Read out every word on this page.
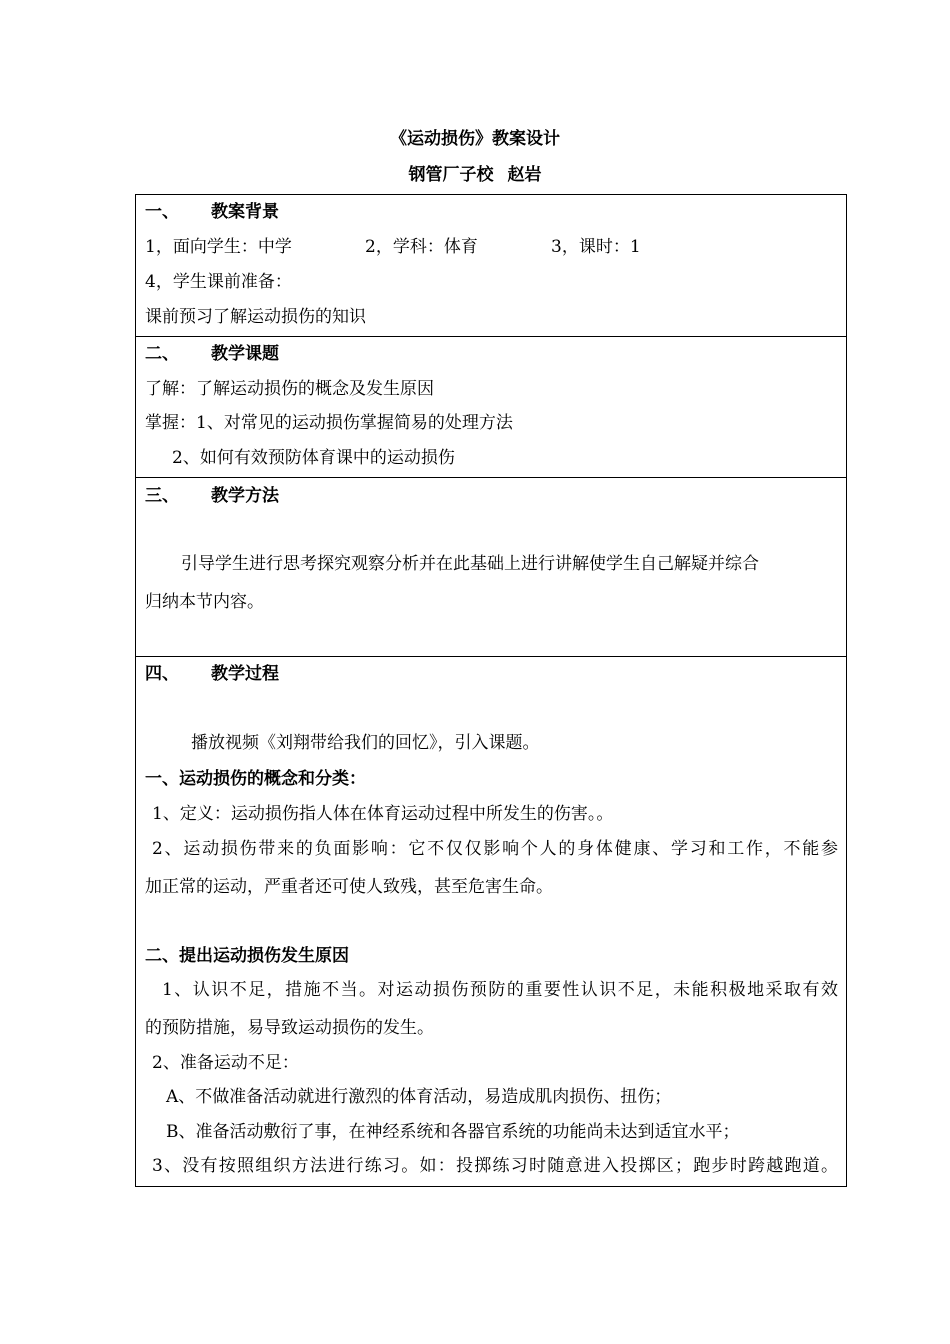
《运动损伤》教案设计
钢管厂子校 赵岩
一、 教案背景
1，面向学生：中学	2，学科：体育	3，课时：1
4，学生课前准备：
课前预习了解运动损伤的知识
二、 教学课题
了解：了解运动损伤的概念及发生原因
掌握：1、对常见的运动损伤掌握简易的处理方法
2、如何有效预防体育课中的运动损伤
三、 教学方法
引导学生进行思考探究观察分析并在此基础上进行讲解使学生自己解疑并综合
归纳本节内容。
四、 教学过程
播放视频《刘翔带给我们的回忆》，引入课题。
一、运动损伤的概念和分类：
1、定义：运动损伤指人体在体育运动过程中所发生的伤害。。
2、运动损伤带来的负面影响：它不仅仅影响个人的身体健康、学习和工作，不能参
加正常的运动，严重者还可使人致残，甚至危害生命。
二、提出运动损伤发生原因
1、认识不足，措施不当。对运动损伤预防的重要性认识不足，未能积极地采取有效
的预防措施，易导致运动损伤的发生。
2、准备运动不足：
A、不做准备活动就进行激烈的体育活动，易造成肌肉损伤、扭伤；
B、准备活动敷衍了事，在神经系统和各器官系统的功能尚未达到适宜水平；
3、没有按照组织方法进行练习。如：投掷练习时随意进入投掷区；跑步时跨越跑道。
